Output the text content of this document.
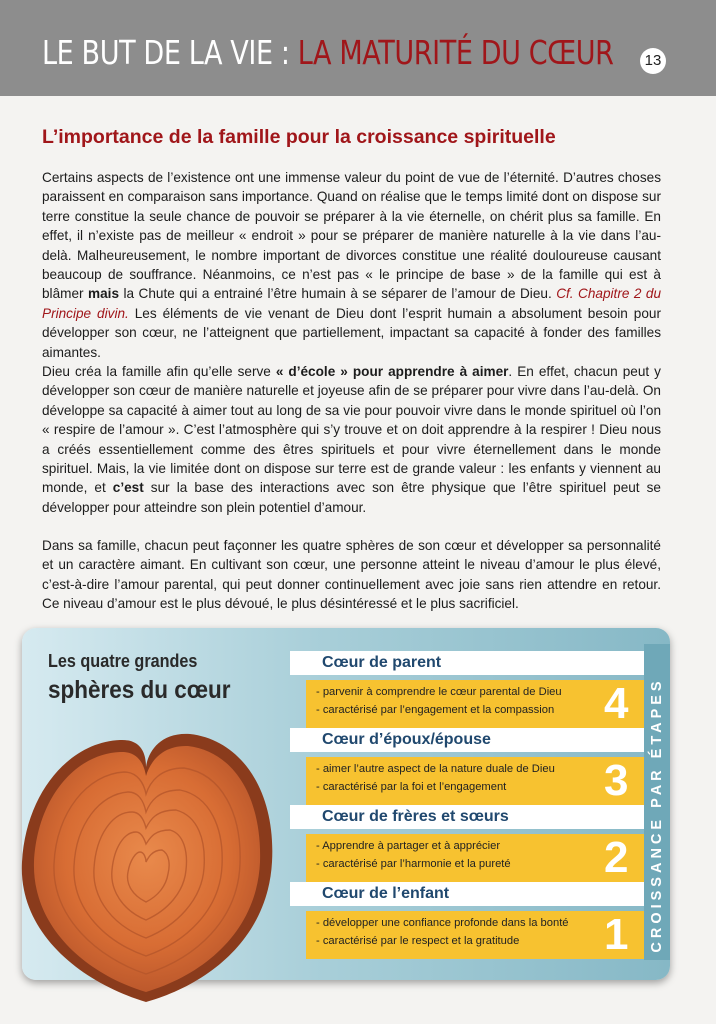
LE BUT DE LA VIE : LA MATURITÉ DU CŒUR	13
L’importance de la famille pour la croissance spirituelle

Certains aspects de l’existence ont une immense valeur du point de vue de l’éternité. D’autres choses paraissent en comparaison sans importance. Quand on réalise que le temps limité dont on dispose sur terre constitue la seule chance de pouvoir se préparer à la vie éternelle, on chérit plus sa famille. En effet, il n’existe pas de meilleur « endroit » pour se préparer de manière naturelle à la vie dans l’au-delà. Malheureusement, le nombre important de divorces constitue une réalité douloureuse causant beaucoup de souffrance. Néanmoins, ce n’est pas « le principe de base » de la famille qui est à blâmer mais la Chute qui a entrainé l’être humain à se séparer de l’amour de Dieu. Cf. Chapitre 2 du Principe divin. Les éléments de vie venant de Dieu dont l’esprit humain a absolument besoin pour développer son cœur, ne l’atteignent que partiellement, impactant sa capacité à fonder des familles aimantes.

Dieu créa la famille afin qu’elle serve « d’école » pour apprendre à aimer. En effet, chacun peut y développer son cœur de manière naturelle et joyeuse afin de se préparer pour vivre dans l’au-delà. On développe sa capacité à aimer tout au long de sa vie pour pouvoir vivre dans le monde spirituel où l’on « respire de l’amour ». C’est l’atmosphère qui s’y trouve et on doit apprendre à la respirer ! Dieu nous a créés essentiellement comme des êtres spirituels et pour vivre éternellement dans le monde spirituel. Mais, la vie limitée dont on dispose sur terre est de grande valeur : les enfants y viennent au monde, et c’est sur la base des interactions avec son être physique que l’être spirituel peut se développer pour atteindre son plein potentiel d’amour.

Dans sa famille, chacun peut façonner les quatre sphères de son cœur et développer sa personnalité et un caractère aimant. En cultivant son cœur, une personne atteint le niveau d’amour le plus élevé, c’est-à-dire l’amour parental, qui peut donner continuellement avec joie sans rien attendre en retour. Ce niveau d’amour est le plus dévoué, le plus désintéressé et le plus sacrificiel.

Les quatre grandes
sphères du cœur	CROISSANCE PAR ÉTAPES
Cœur de parent
- parvenir à comprendre le cœur parental de Dieu
- caractérisé par l’engagement et la compassion 4
Cœur d’époux/épouse
- aimer l’autre aspect de la nature duale de Dieu
- caractérisé par la foi et l’engagement 3
Cœur de frères et sœurs
- Apprendre à partager et à apprécier
- caractérisé par l’harmonie et la pureté 2
Cœur de l’enfant
- développer une confiance profonde dans la bonté
- caractérisé par le respect et la gratitude 1
